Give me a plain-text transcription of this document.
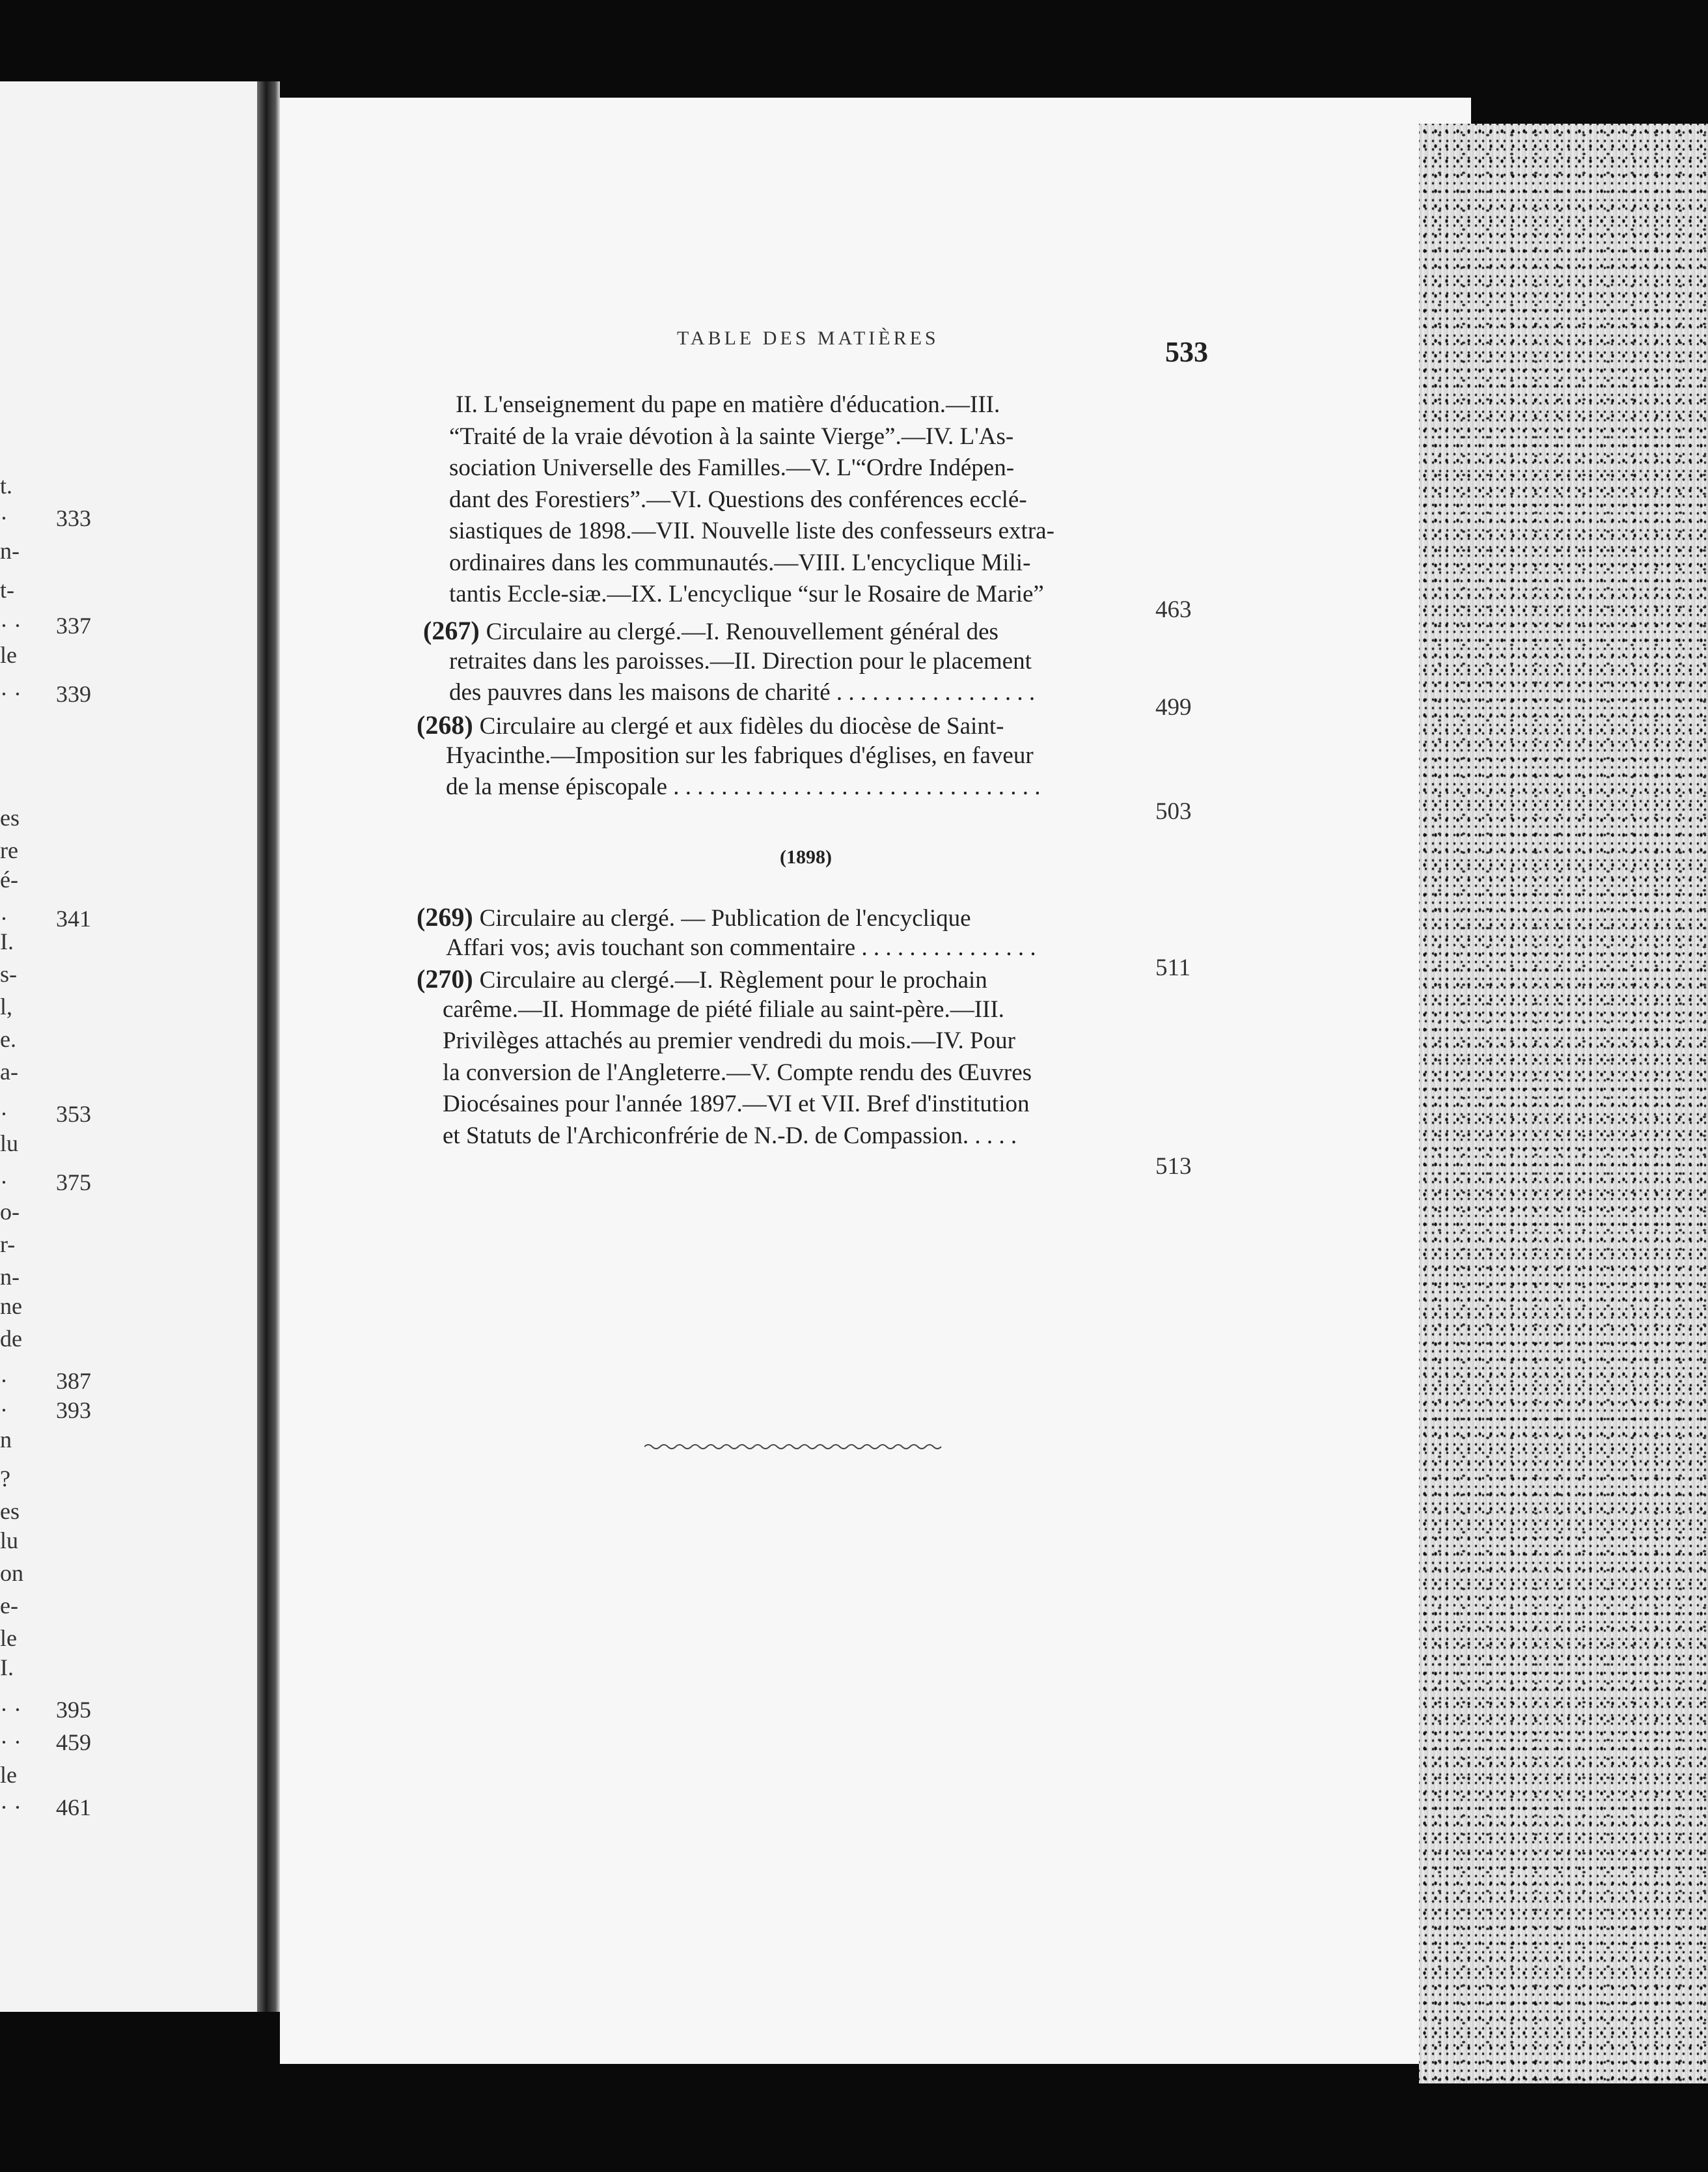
t.
· 333
n-
t-
· · 337
le
· · 339
es
re
é-
· 341
I.
s-
l,
e.
a-
· 353
lu
· 375
o-
r-
n-
ne
de
· 387
· 393
n
?
es
lu
on
e-
le
I.
· · 395
· · 459
le
· · 461
TABLE DES MATIÈRES	533
II. L'enseignement du pape en matière d'éducation.—III.
“Traité de la vraie dévotion à la sainte Vierge”.—IV. L'As-
sociation Universelle des Familles.—V. L'“Ordre Indépen-
dant des Forestiers”.—VI. Questions des conférences ecclé-
siastiques de 1898.—VII. Nouvelle liste des confesseurs extra-
ordinaires dans les communautés.—VIII. L'encyclique Mili-
tantis Eccle-siæ.—IX. L'encyclique “sur le Rosaire de Marie”
463
(267) Circulaire au clergé.—I. Renouvellement général des
retraites dans les paroisses.—II. Direction pour le placement
des pauvres dans les maisons de charité . . . . . . . . . . . . . . . . .
499
(268) Circulaire au clergé et aux fidèles du diocèse de Saint-
Hyacinthe.—Imposition sur les fabriques d'églises, en faveur
de la mense épiscopale . . . . . . . . . . . . . . . . . . . . . . . . . . . . . . .
503
(269) Circulaire au clergé. — Publication de l'encyclique
Affari vos; avis touchant son commentaire . . . . . . . . . . . . . . .
511
(270) Circulaire au clergé.—I. Règlement pour le prochain
carême.—II. Hommage de piété filiale au saint-père.—III.
Privilèges attachés au premier vendredi du mois.—IV. Pour
la conversion de l'Angleterre.—V. Compte rendu des Œuvres
Diocésaines pour l'année 1897.—VI et VII. Bref d'institution
et Statuts de l'Archiconfrérie de N.-D. de Compassion. . . . .
513
(1898)
